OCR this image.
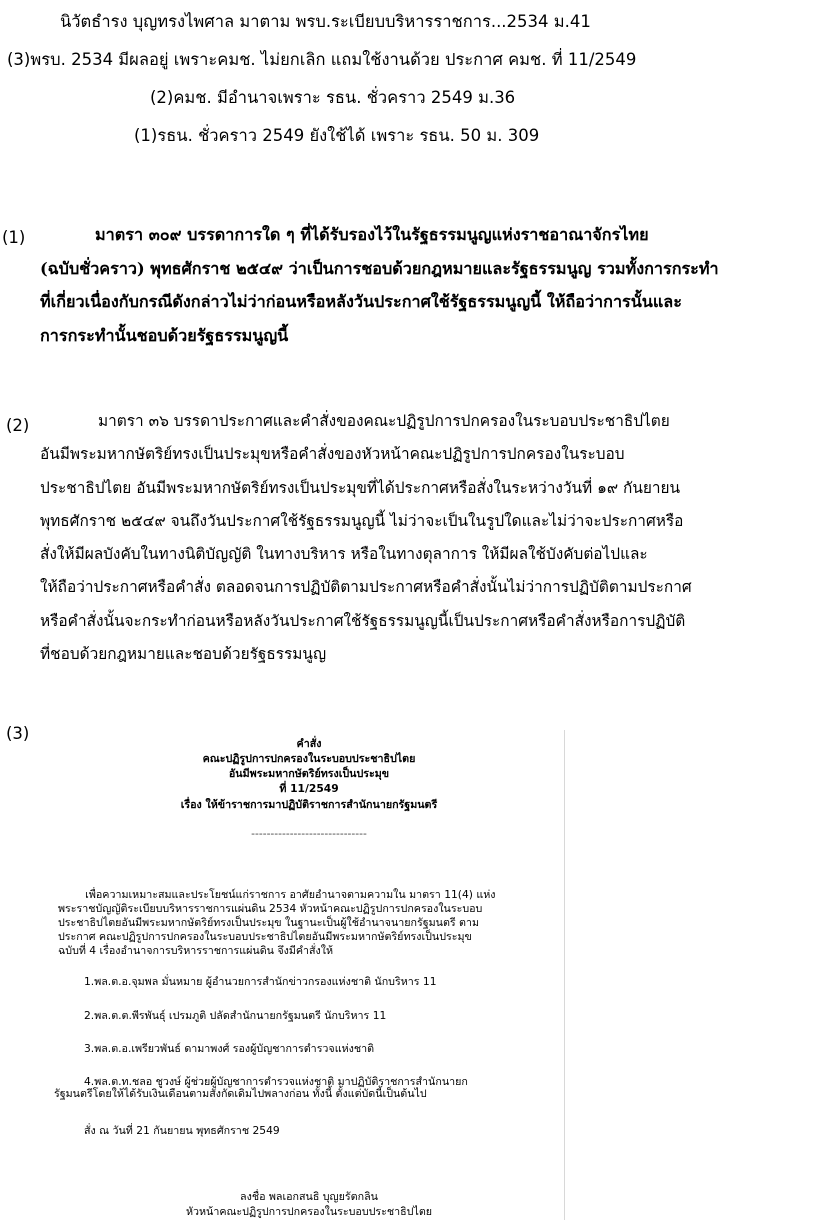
นิวัตธำรง บุญทรงไพศาล มาตาม พรบ.ระเบียบบริหารราชการ...2534 ม.41
(3)พรบ. 2534 มีผลอยู่ เพราะคมช. ไม่ยกเลิก แถมใช้งานด้วย ประกาศ คมช. ที่ 11/2549
(2)คมช. มีอำนาจเพราะ รธน. ชั่วคราว 2549 ม.36
(1)รธน. ชั่วคราว 2549 ยังใช้ได้ เพราะ รธน. 50 ม. 309
(1)	มาตรา ๓๐๙ บรรดาการใด ๆ ที่ได้รับรองไว้ในรัฐธรรมนูญแห่งราชอาณาจักรไทย
(ฉบับชั่วคราว) พุทธศักราช ๒๕๔๙ ว่าเป็นการชอบด้วยกฎหมายและรัฐธรรมนูญ รวมทั้งการกระทำ
ที่เกี่ยวเนื่องกับกรณีดังกล่าวไม่ว่าก่อนหรือหลังวันประกาศใช้รัฐธรรมนูญนี้ ให้ถือว่าการนั้นและ
การกระทำนั้นชอบด้วยรัฐธรรมนูญนี้
(2)	มาตรา ๓๖ บรรดาประกาศและคำสั่งของคณะปฏิรูปการปกครองในระบอบประชาธิปไตย
อันมีพระมหากษัตริย์ทรงเป็นประมุขหรือคำสั่งของหัวหน้าคณะปฏิรูปการปกครองในระบอบ
ประชาธิปไตย อันมีพระมหากษัตริย์ทรงเป็นประมุขที่ได้ประกาศหรือสั่งในระหว่างวันที่ ๑๙ กันยายน
พุทธศักราช ๒๕๔๙ จนถึงวันประกาศใช้รัฐธรรมนูญนี้ ไม่ว่าจะเป็นในรูปใดและไม่ว่าจะประกาศหรือ
สั่งให้มีผลบังคับในทางนิติบัญญัติ ในทางบริหาร หรือในทางตุลาการ ให้มีผลใช้บังคับต่อไปและ
ให้ถือว่าประกาศหรือคำสั่ง ตลอดจนการปฏิบัติตามประกาศหรือคำสั่งนั้นไม่ว่าการปฏิบัติตามประกาศ
หรือคำสั่งนั้นจะกระทำก่อนหรือหลังวันประกาศใช้รัฐธรรมนูญนี้เป็นประกาศหรือคำสั่งหรือการปฏิบัติ
ที่ชอบด้วยกฎหมายและชอบด้วยรัฐธรรมนูญ
(3)
คำสั่ง
คณะปฏิรูปการปกครองในระบอบประชาธิปไตย
อันมีพระมหากษัตริย์ทรงเป็นประมุข
ที่ 11/2549
เรื่อง ให้ข้าราชการมาปฏิบัติราชการสำนักนายกรัฐมนตรี
------------------------------
เพื่อความเหมาะสมและประโยชน์แก่ราชการ อาศัยอำนาจตามความใน มาตรา 11(4) แห่ง
พระราชบัญญัติระเบียบบริหารราชการแผ่นดิน 2534 หัวหน้าคณะปฏิรูปการปกครองในระบอบ
ประชาธิปไตยอันมีพระมหากษัตริย์ทรงเป็นประมุข ในฐานะเป็นผู้ใช้อำนาจนายกรัฐมนตรี ตาม
ประกาศ คณะปฏิรูปการปกครองในระบอบประชาธิปไตยอันมีพระมหากษัตริย์ทรงเป็นประมุข
ฉบับที่ 4 เรื่องอำนาจการบริหารราชการแผ่นดิน จึงมีคำสั่งให้
1.พล.ต.อ.จุมพล มั่นหมาย ผู้อำนวยการสำนักข่าวกรองแห่งชาติ นักบริหาร 11
2.พล.ต.ต.พีรพันธุ์ เปรมภูติ ปลัดสำนักนายกรัฐมนตรี นักบริหาร 11
3.พล.ต.อ.เพรียวพันธ์ ดามาพงศ์ รองผู้บัญชาการตำรวจแห่งชาติ
4.พล.ต.ท.ชลอ ชูวงษ์ ผู้ช่วยผู้บัญชาการตำรวจแห่งชาติ มาปฏิบัติราชการสำนักนายก
รัฐมนตรีโดยให้ได้รับเงินเดือนตามสังกัดเดิมไปพลางก่อน ทั้งนี้ ตั้งแต่บัดนี้เป็นต้นไป
สั่ง ณ วันที่ 21 กันยายน พุทธศักราช 2549
ลงชื่อ พลเอกสนธิ บุญยรัตกลิน
หัวหน้าคณะปฏิรูปการปกครองในระบอบประชาธิปไตย
